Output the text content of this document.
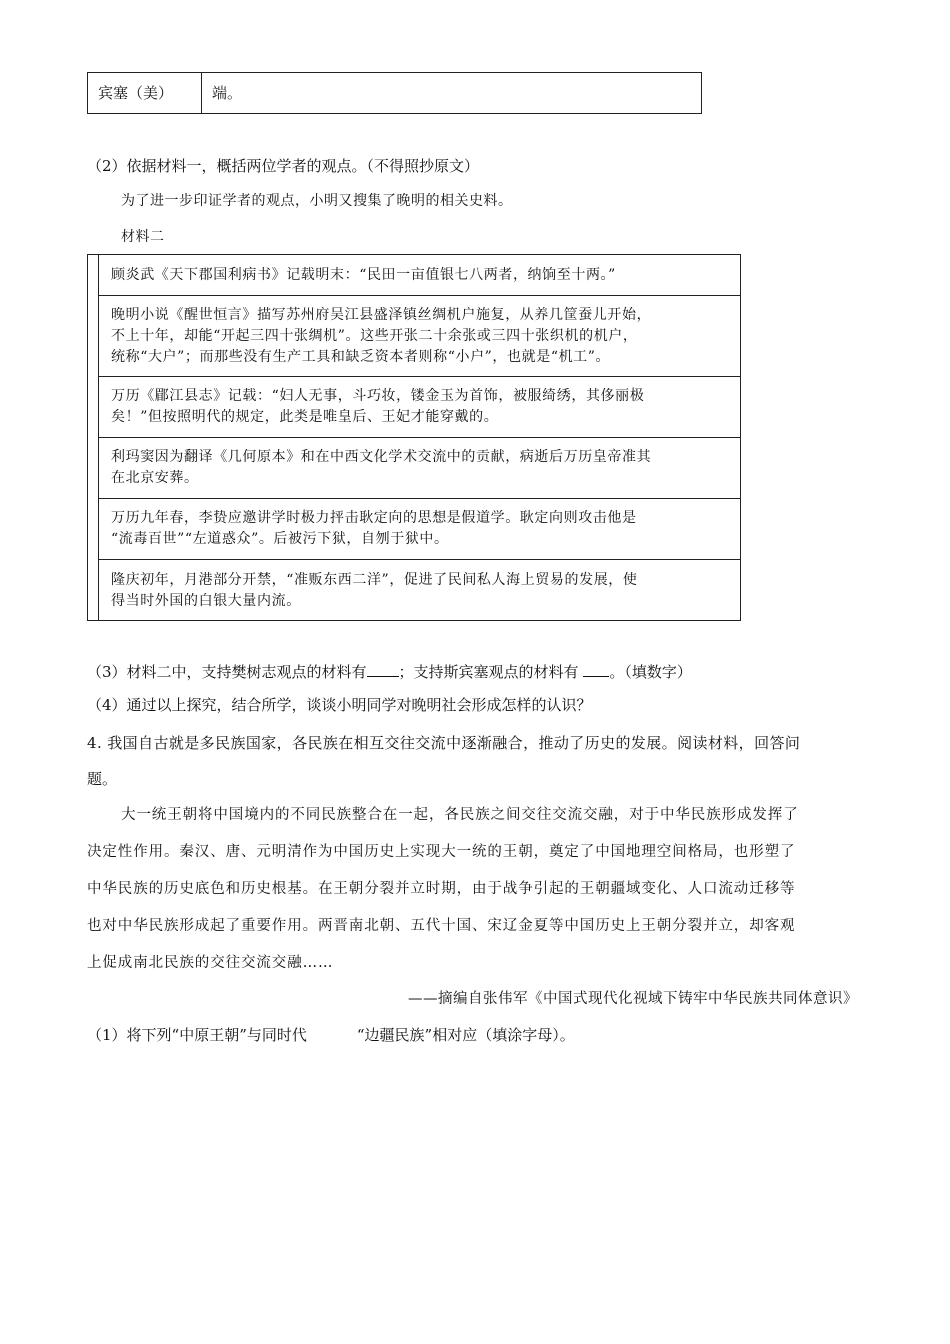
宾塞（美）	端。
（2）依据材料一，概括两位学者的观点。（不得照抄原文）
为了进一步印证学者的观点，小明又搜集了晚明的相关史料。
材料二
顾炎武《天下郡国利病书》记载明末：“民田一亩值银七八两者，纳饷至十两。”
晚明小说《醒世恒言》描写苏州府吴江县盛泽镇丝绸机户施复，从养几筐蚕儿开始，
不上十年，却能“开起三四十张绸机”。这些开张二十余张或三四十张织机的机户，
统称“大户”；而那些没有生产工具和缺乏资本者则称“小户”，也就是“机工”。
万历《郿江县志》记载：“妇人无事，斗巧妆，镂金玉为首饰，被服绮绣，其侈丽极
矣！”但按照明代的规定，此类是唯皇后、王妃才能穿戴的。
利玛窦因为翻译《几何原本》和在中西文化学术交流中的贡献，病逝后万历皇帝准其
在北京安葬。
万历九年春，李贽应邀讲学时极力抨击耿定向的思想是假道学。耿定向则攻击他是
“流毒百世”“左道惑众”。后被污下狱，自刎于狱中。
隆庆初年，月港部分开禁，“准贩东西二洋”，促进了民间私人海上贸易的发展，使
得当时外国的白银大量内流。
（3）材料二中，支持樊树志观点的材料有 ；支持斯宾塞观点的材料有 。（填数字）
（4）通过以上探究，结合所学，谈谈小明同学对晚明社会形成怎样的认识？
4. 我国自古就是多民族国家，各民族在相互交往交流中逐渐融合，推动了历史的发展。阅读材料，回答问
题。
大一统王朝将中国境内的不同民族整合在一起，各民族之间交往交流交融，对于中华民族形成发挥了
决定性作用。秦汉、唐、元明清作为中国历史上实现大一统的王朝，奠定了中国地理空间格局，也形塑了
中华民族的历史底色和历史根基。在王朝分裂并立时期，由于战争引起的王朝疆域变化、人口流动迁移等
也对中华民族形成起了重要作用。两晋南北朝、五代十国、宋辽金夏等中国历史上王朝分裂并立，却客观
上促成南北民族的交往交流交融……
——摘编自张伟军《中国式现代化视域下铸牢中华民族共同体意识》
（1）将下列“中原王朝”与同时代	“边疆民族”相对应（填涂字母）。
